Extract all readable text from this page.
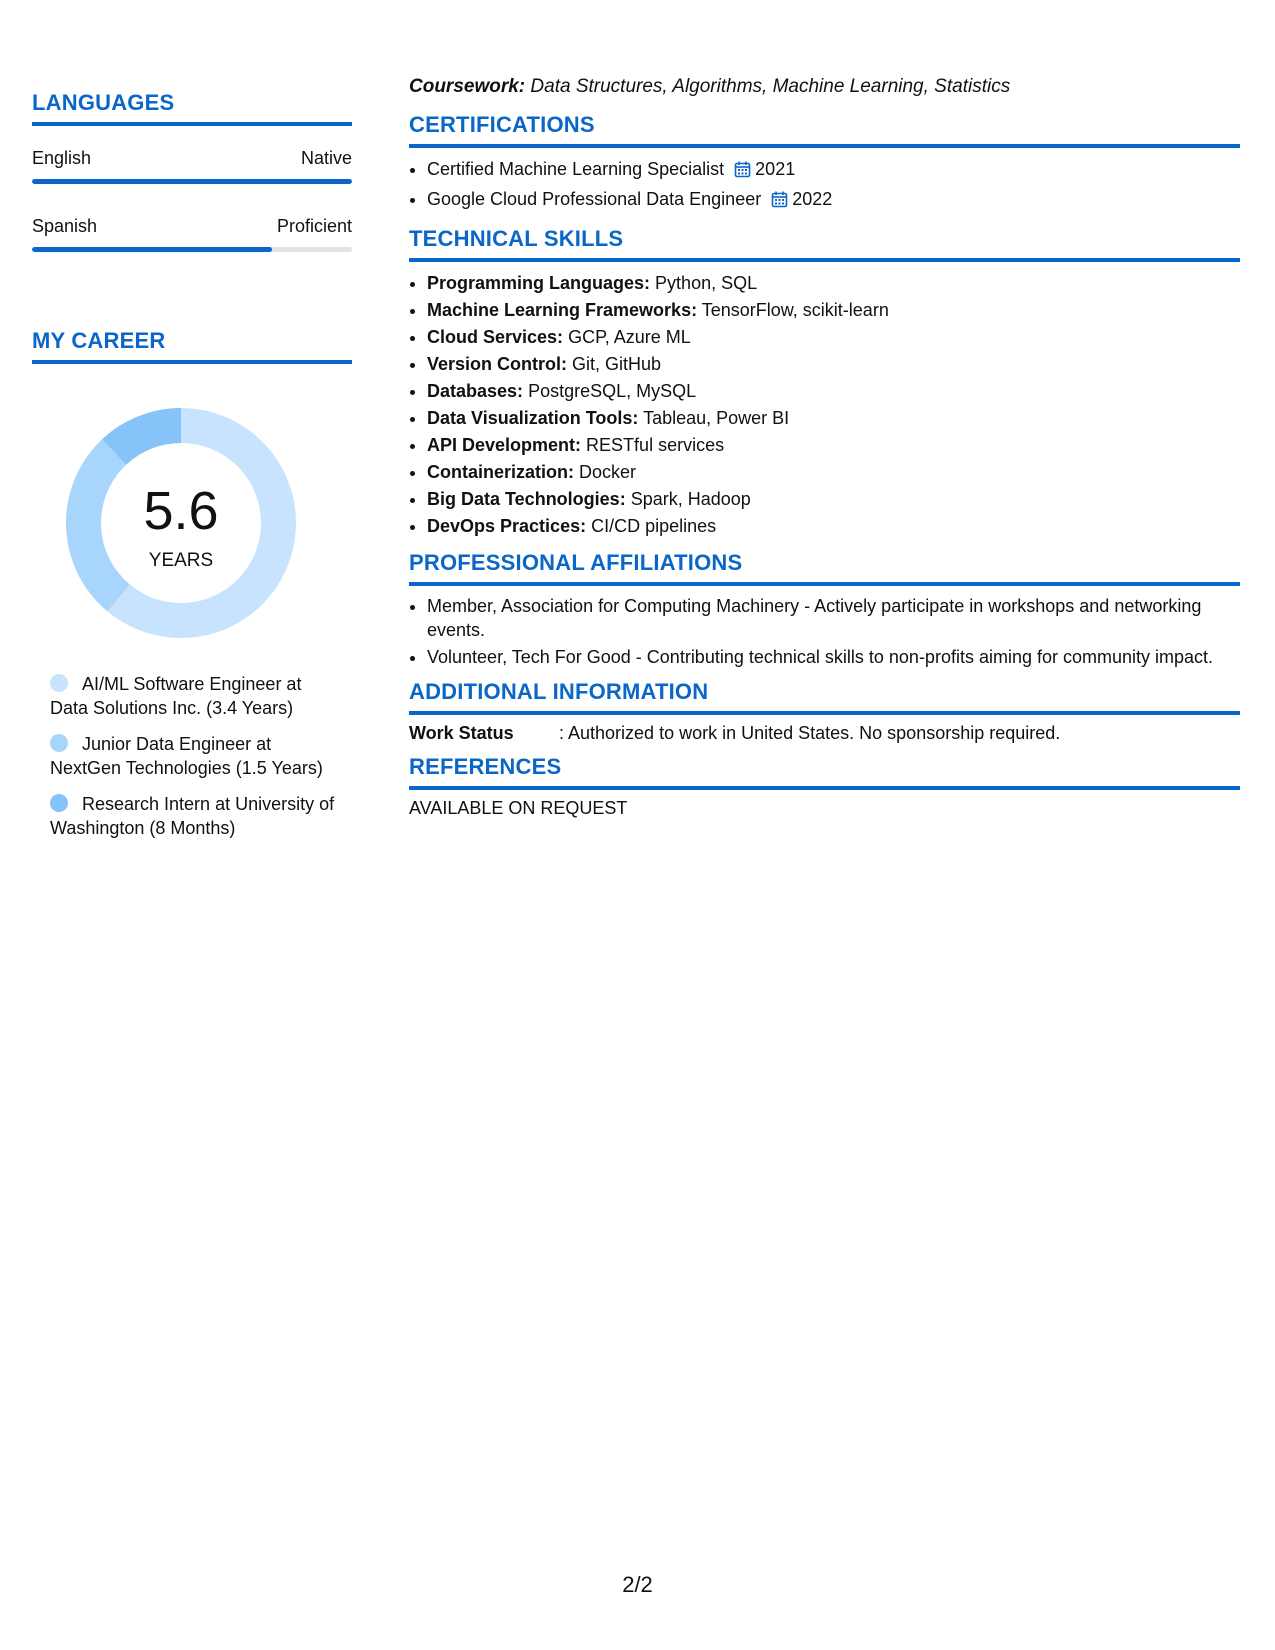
LANGUAGES
English	Native
Spanish	Proficient
MY CAREER
5.6
YEARS
AI/ML Software Engineer at Data Solutions Inc. (3.4 Years)
Junior Data Engineer at NextGen Technologies (1.5 Years)
Research Intern at University of Washington (8 Months)

Coursework: Data Structures, Algorithms, Machine Learning, Statistics

CERTIFICATIONS
• Certified Machine Learning Specialist 2021
• Google Cloud Professional Data Engineer 2022
TECHNICAL SKILLS
• Programming Languages: Python, SQL
• Machine Learning Frameworks: TensorFlow, scikit-learn
• Cloud Services: GCP, Azure ML
• Version Control: Git, GitHub
• Databases: PostgreSQL, MySQL
• Data Visualization Tools: Tableau, Power BI
• API Development: RESTful services
• Containerization: Docker
• Big Data Technologies: Spark, Hadoop
• DevOps Practices: CI/CD pipelines
PROFESSIONAL AFFILIATIONS
• Member, Association for Computing Machinery - Actively participate in workshops and networking events.
• Volunteer, Tech For Good - Contributing technical skills to non-profits aiming for community impact.
ADDITIONAL INFORMATION
Work Status	: Authorized to work in United States. No sponsorship required.
REFERENCES
AVAILABLE ON REQUEST
2/2
